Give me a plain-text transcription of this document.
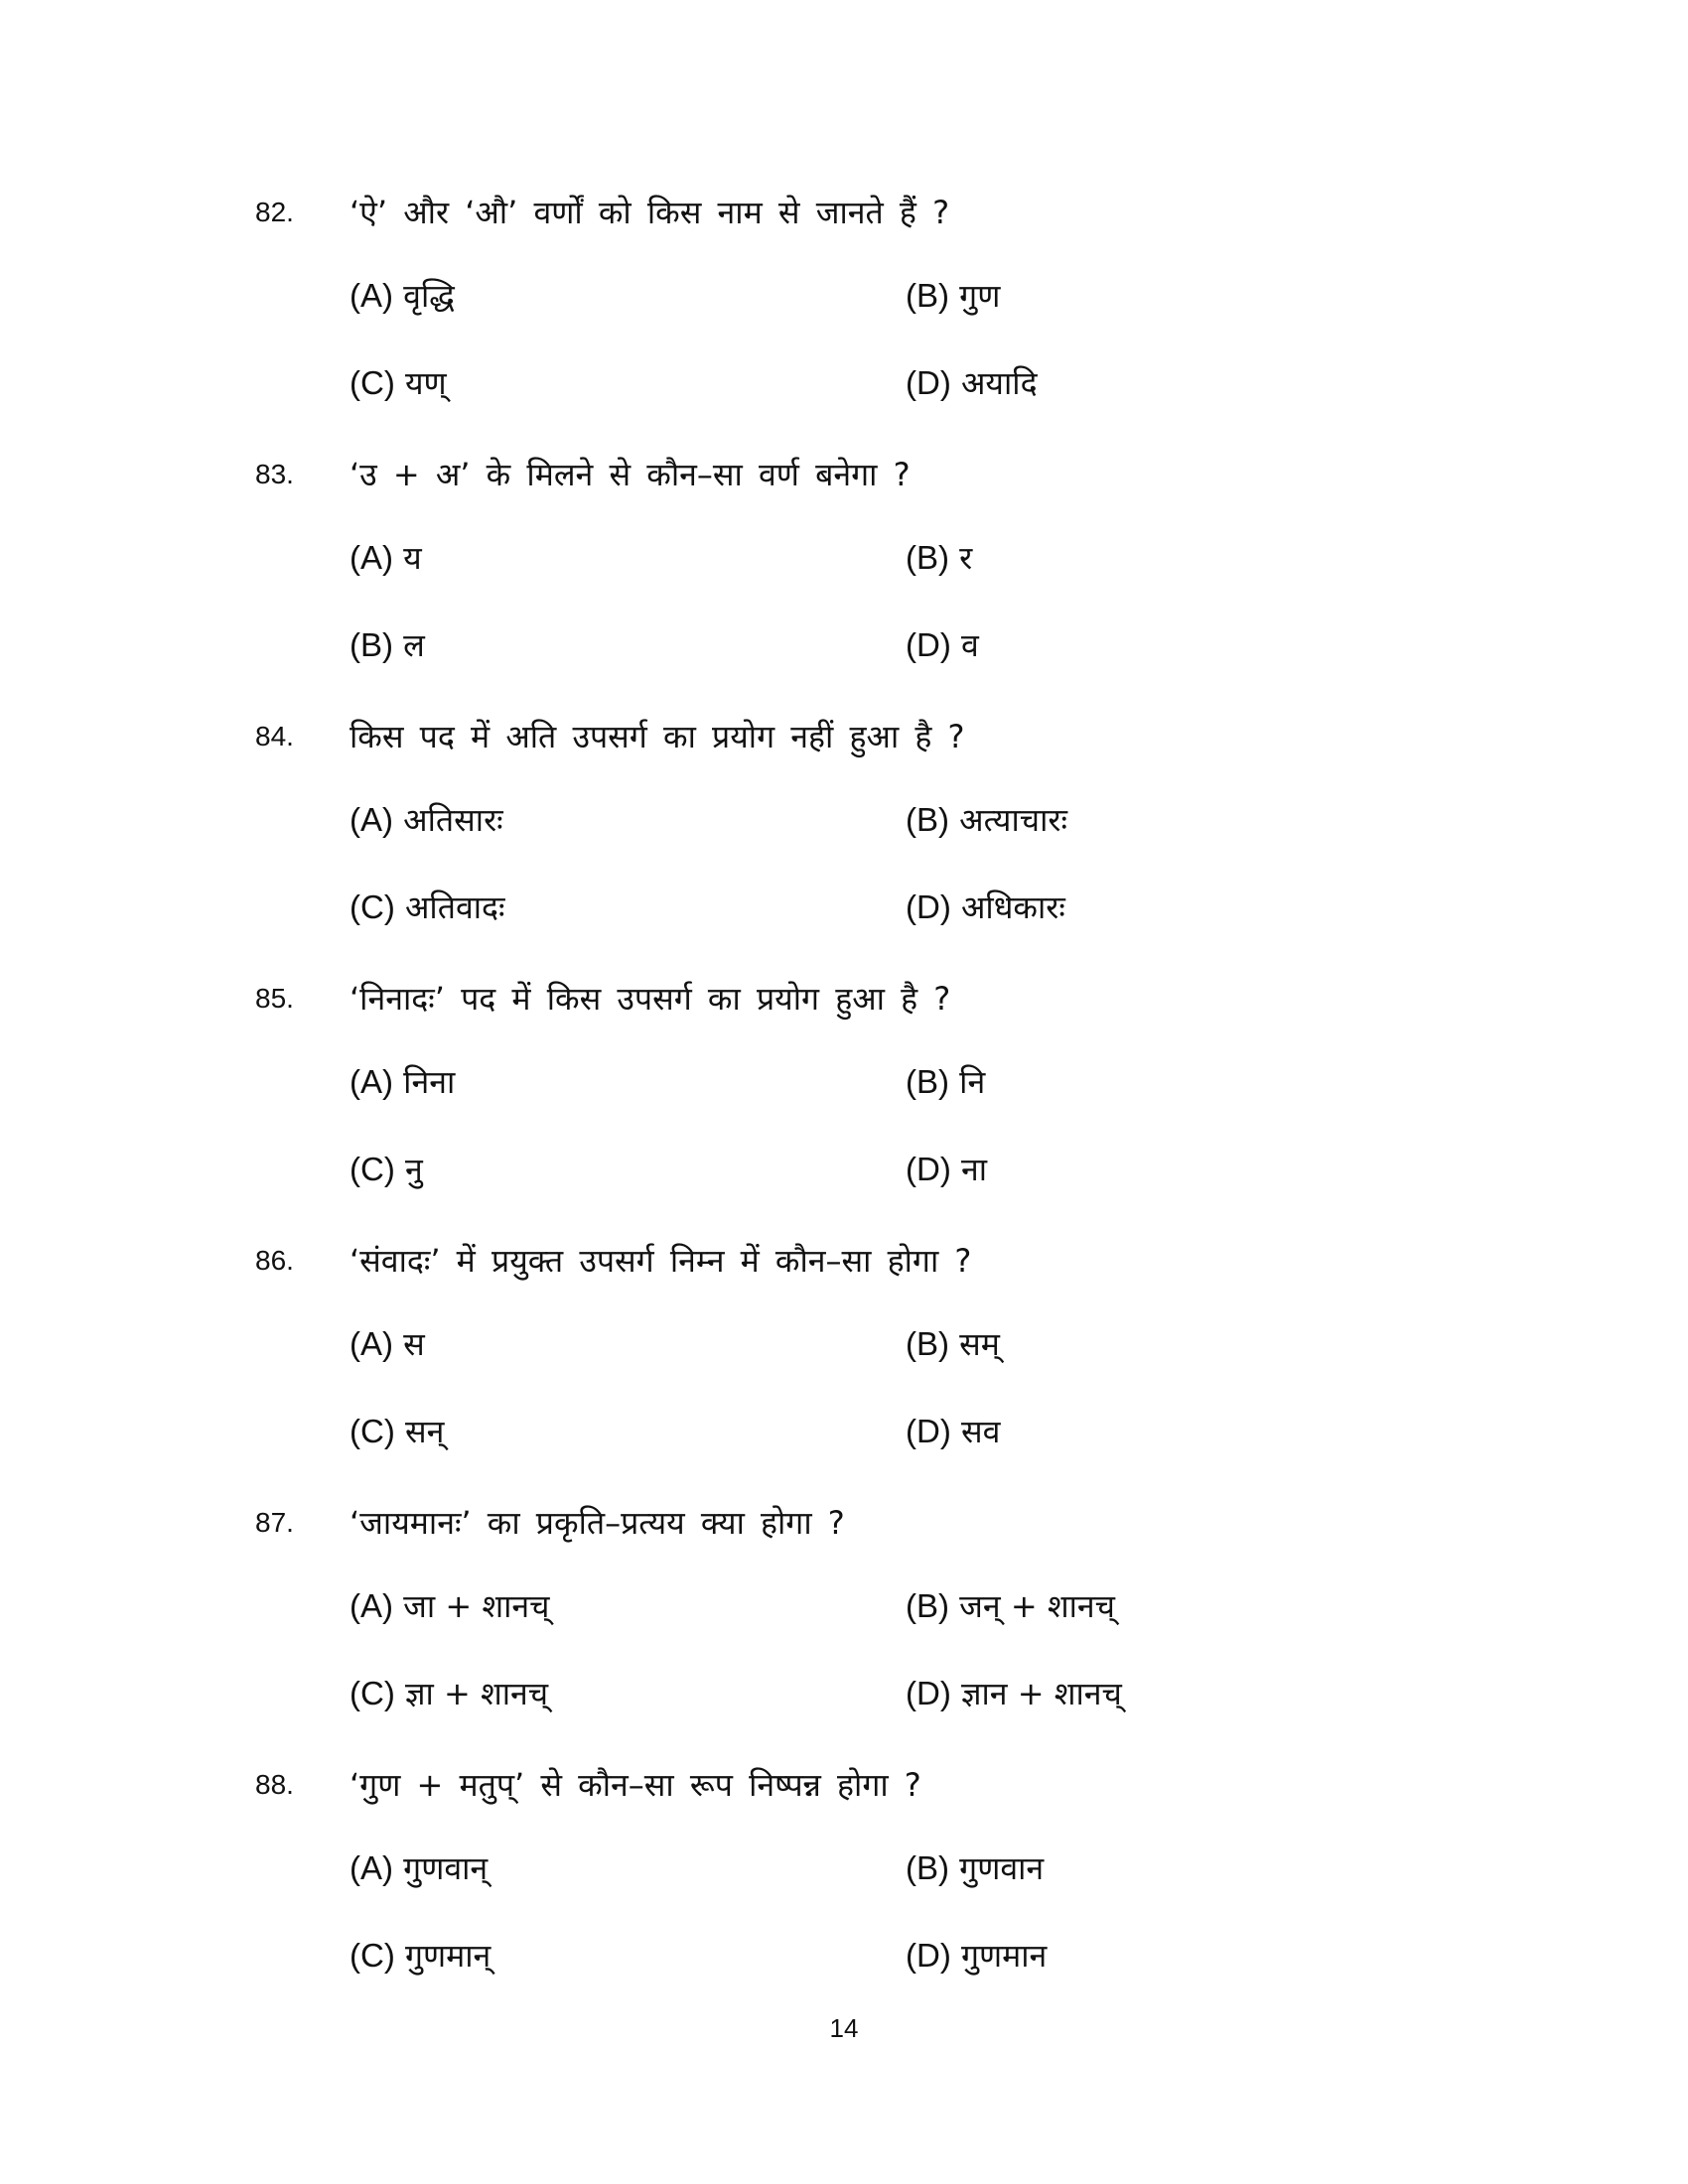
82. ‘ऐ’ और ‘औ’ वर्णों को किस नाम से जानते हैं ?
(A) वृद्धि	(B) गुण
(C) यण्	(D) अयादि
83. ‘उ + अ’ के मिलने से कौन–सा वर्ण बनेगा ?
(A) य	(B) र
(B) ल	(D) व
84. किस पद में अति उपसर्ग का प्रयोग नहीं हुआ है ?
(A) अतिसारः	(B) अत्याचारः
(C) अतिवादः	(D) अधिकारः
85. ‘निनादः’ पद में किस उपसर्ग का प्रयोग हुआ है ?
(A) निना	(B) नि
(C) नु	(D) ना
86. ‘संवादः’ में प्रयुक्त उपसर्ग निम्न में कौन–सा होगा ?
(A) स	(B) सम्
(C) सन्	(D) सव
87. ‘जायमानः’ का प्रकृति–प्रत्यय क्या होगा ?
(A) जा + शानच्	(B) जन् + शानच्
(C) ज्ञा + शानच्	(D) ज्ञान + शानच्
88. ‘गुण + मतुप्’ से कौन–सा रूप निष्पन्न होगा ?
(A) गुणवान्	(B) गुणवान
(C) गुणमान्	(D) गुणमान
14
